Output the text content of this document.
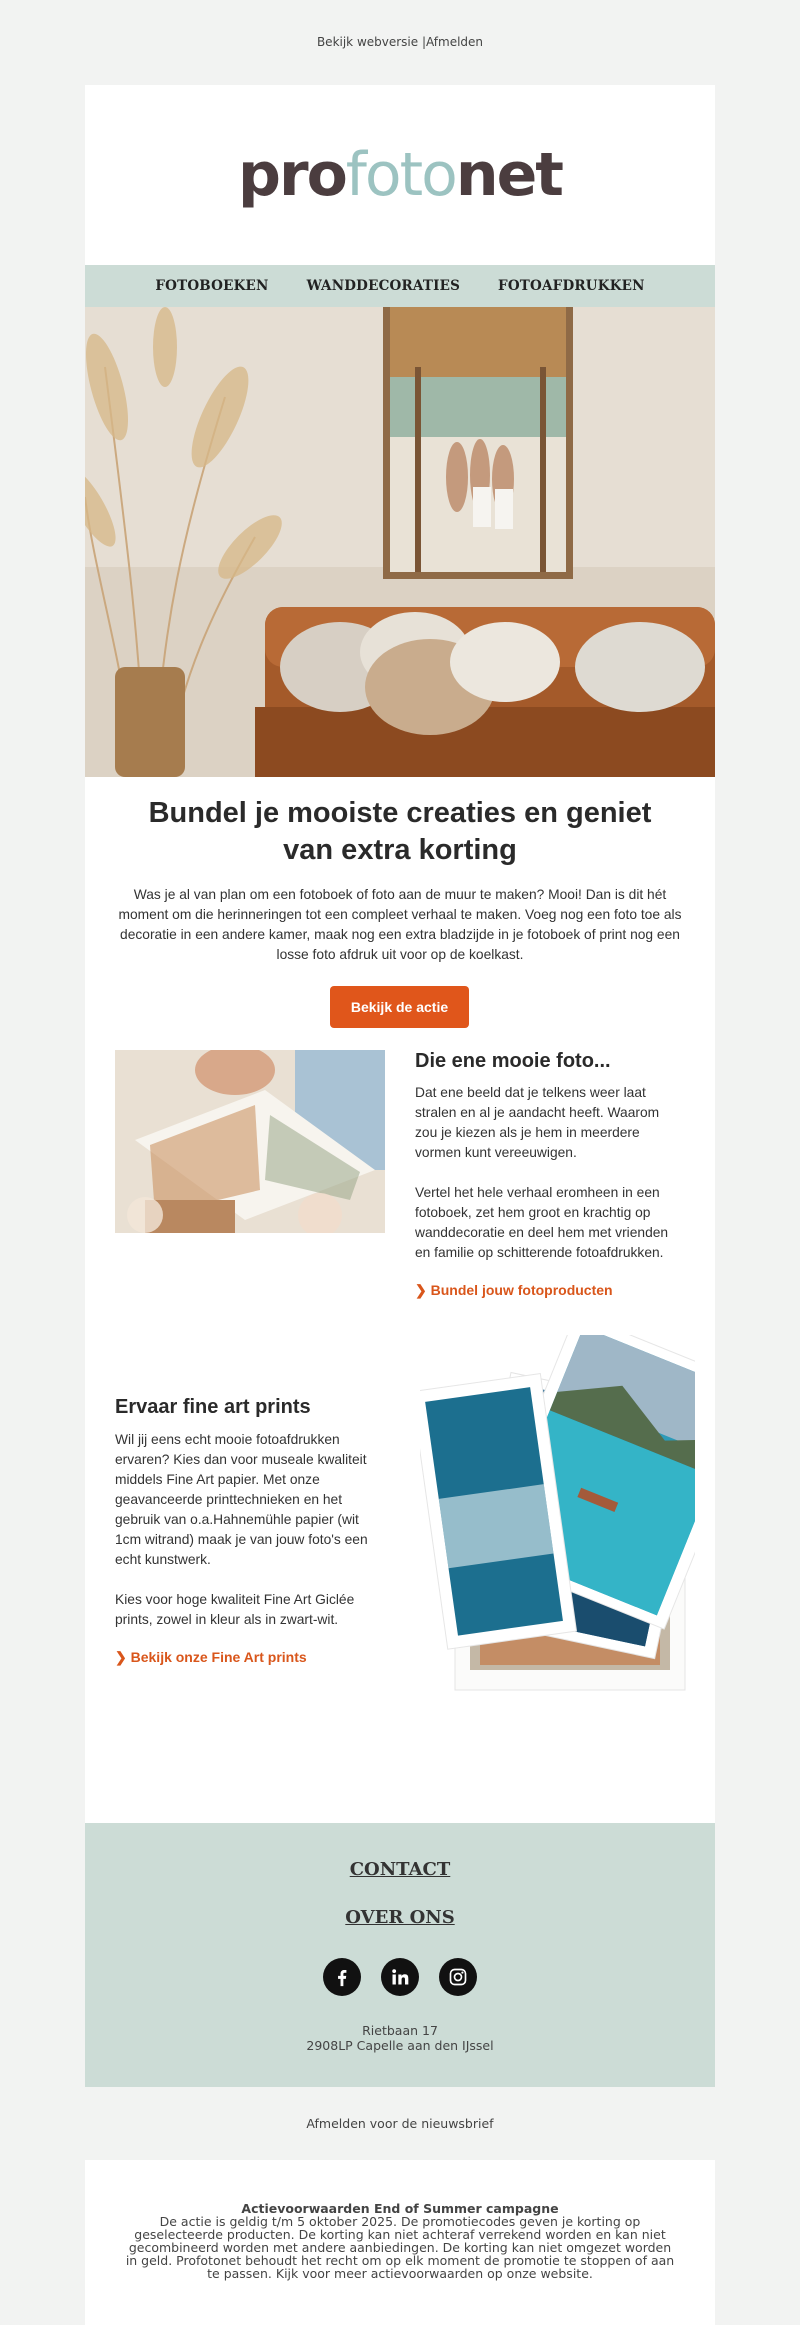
Bekijk webversie |Afmelden
profotonet
FOTOBOEKEN	WANDDECORATIES	FOTOAFDRUKKEN
Bundel je mooiste creaties en geniet van extra korting
Was je al van plan om een fotoboek of foto aan de muur te maken? Mooi! Dan is dit hét moment om die herinneringen tot een compleet verhaal te maken. Voeg nog een foto toe als decoratie in een andere kamer, maak nog een extra bladzijde in je fotoboek of print nog een losse foto afdruk uit voor op de koelkast.
Bekijk de actie
Die ene mooie foto...
Dat ene beeld dat je telkens weer laat stralen en al je aandacht heeft. Waarom zou je kiezen als je hem in meerdere vormen kunt vereeuwigen.
Vertel het hele verhaal eromheen in een fotoboek, zet hem groot en krachtig op wanddecoratie en deel hem met vrienden en familie op schitterende fotoafdrukken.
❯ Bundel jouw fotoproducten
Ervaar fine art prints
Wil jij eens echt mooie fotoafdrukken ervaren? Kies dan voor museale kwaliteit middels Fine Art papier. Met onze geavanceerde printtechnieken en het gebruik van o.a.Hahnemühle papier (wit 1cm witrand) maak je van jouw foto's een echt kunstwerk.
Kies voor hoge kwaliteit Fine Art Giclée prints, zowel in kleur als in zwart-wit.
❯ Bekijk onze Fine Art prints
CONTACT
OVER ONS
Rietbaan 17
2908LP Capelle aan den IJssel
Afmelden voor de nieuwsbrief
Actievoorwaarden End of Summer campagne
De actie is geldig t/m 5 oktober 2025. De promotiecodes geven je korting op geselecteerde producten. De korting kan niet achteraf verrekend worden en kan niet gecombineerd worden met andere aanbiedingen. De korting kan niet omgezet worden in geld. Profotonet behoudt het recht om op elk moment de promotie te stoppen of aan te passen. Kijk voor meer actievoorwaarden op onze website.
